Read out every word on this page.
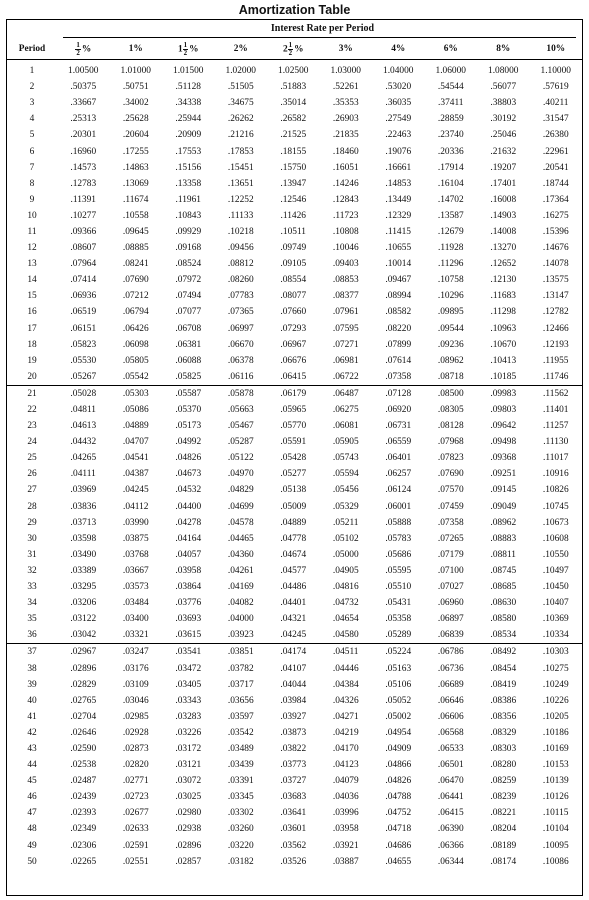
Amortization Table
Interest Rate per Period
Period	$\frac{1}{2}$ %	1%	$1 \frac{1}{2}$ %	2%	$2 \frac{1}{2}$ %	3%	4%	6%	8%	10%
1	1.00500	1.01000	1.01500	1.02000	1.02500	1.03000	1.04000	1.06000	1.08000	1.10000
2	.50375	.50751	.51128	.51505	.51883	.52261	.53020	.54544	.56077	.57619
3	.33667	.34002	.34338	.34675	.35014	.35353	.36035	.37411	.38803	.40211
4	.25313	.25628	.25944	.26262	.26582	.26903	.27549	.28859	.30192	.31547
5	.20301	.20604	.20909	.21216	.21525	.21835	.22463	.23740	.25046	.26380
6	.16960	.17255	.17553	.17853	.18155	.18460	.19076	.20336	.21632	.22961
7	.14573	.14863	.15156	.15451	.15750	.16051	.16661	.17914	.19207	.20541
8	.12783	.13069	.13358	.13651	.13947	.14246	.14853	.16104	.17401	.18744
9	.11391	.11674	.11961	.12252	.12546	.12843	.13449	.14702	.16008	.17364
10	.10277	.10558	.10843	.11133	.11426	.11723	.12329	.13587	.14903	.16275
11	.09366	.09645	.09929	.10218	.10511	.10808	.11415	.12679	.14008	.15396
12	.08607	.08885	.09168	.09456	.09749	.10046	.10655	.11928	.13270	.14676
13	.07964	.08241	.08524	.08812	.09105	.09403	.10014	.11296	.12652	.14078
14	.07414	.07690	.07972	.08260	.08554	.08853	.09467	.10758	.12130	.13575
15	.06936	.07212	.07494	.07783	.08077	.08377	.08994	.10296	.11683	.13147
16	.06519	.06794	.07077	.07365	.07660	.07961	.08582	.09895	.11298	.12782
17	.06151	.06426	.06708	.06997	.07293	.07595	.08220	.09544	.10963	.12466
18	.05823	.06098	.06381	.06670	.06967	.07271	.07899	.09236	.10670	.12193
19	.05530	.05805	.06088	.06378	.06676	.06981	.07614	.08962	.10413	.11955
20	.05267	.05542	.05825	.06116	.06415	.06722	.07358	.08718	.10185	.11746
21	.05028	.05303	.05587	.05878	.06179	.06487	.07128	.08500	.09983	.11562
22	.04811	.05086	.05370	.05663	.05965	.06275	.06920	.08305	.09803	.11401
23	.04613	.04889	.05173	.05467	.05770	.06081	.06731	.08128	.09642	.11257
24	.04432	.04707	.04992	.05287	.05591	.05905	.06559	.07968	.09498	.11130
25	.04265	.04541	.04826	.05122	.05428	.05743	.06401	.07823	.09368	.11017
26	.04111	.04387	.04673	.04970	.05277	.05594	.06257	.07690	.09251	.10916
27	.03969	.04245	.04532	.04829	.05138	.05456	.06124	.07570	.09145	.10826
28	.03836	.04112	.04400	.04699	.05009	.05329	.06001	.07459	.09049	.10745
29	.03713	.03990	.04278	.04578	.04889	.05211	.05888	.07358	.08962	.10673
30	.03598	.03875	.04164	.04465	.04778	.05102	.05783	.07265	.08883	.10608
31	.03490	.03768	.04057	.04360	.04674	.05000	.05686	.07179	.08811	.10550
32	.03389	.03667	.03958	.04261	.04577	.04905	.05595	.07100	.08745	.10497
33	.03295	.03573	.03864	.04169	.04486	.04816	.05510	.07027	.08685	.10450
34	.03206	.03484	.03776	.04082	.04401	.04732	.05431	.06960	.08630	.10407
35	.03122	.03400	.03693	.04000	.04321	.04654	.05358	.06897	.08580	.10369
36	.03042	.03321	.03615	.03923	.04245	.04580	.05289	.06839	.08534	.10334
37	.02967	.03247	.03541	.03851	.04174	.04511	.05224	.06786	.08492	.10303
38	.02896	.03176	.03472	.03782	.04107	.04446	.05163	.06736	.08454	.10275
39	.02829	.03109	.03405	.03717	.04044	.04384	.05106	.06689	.08419	.10249
40	.02765	.03046	.03343	.03656	.03984	.04326	.05052	.06646	.08386	.10226
41	.02704	.02985	.03283	.03597	.03927	.04271	.05002	.06606	.08356	.10205
42	.02646	.02928	.03226	.03542	.03873	.04219	.04954	.06568	.08329	.10186
43	.02590	.02873	.03172	.03489	.03822	.04170	.04909	.06533	.08303	.10169
44	.02538	.02820	.03121	.03439	.03773	.04123	.04866	.06501	.08280	.10153
45	.02487	.02771	.03072	.03391	.03727	.04079	.04826	.06470	.08259	.10139
46	.02439	.02723	.03025	.03345	.03683	.04036	.04788	.06441	.08239	.10126
47	.02393	.02677	.02980	.03302	.03641	.03996	.04752	.06415	.08221	.10115
48	.02349	.02633	.02938	.03260	.03601	.03958	.04718	.06390	.08204	.10104
49	.02306	.02591	.02896	.03220	.03562	.03921	.04686	.06366	.08189	.10095
50	.02265	.02551	.02857	.03182	.03526	.03887	.04655	.06344	.08174	.10086
